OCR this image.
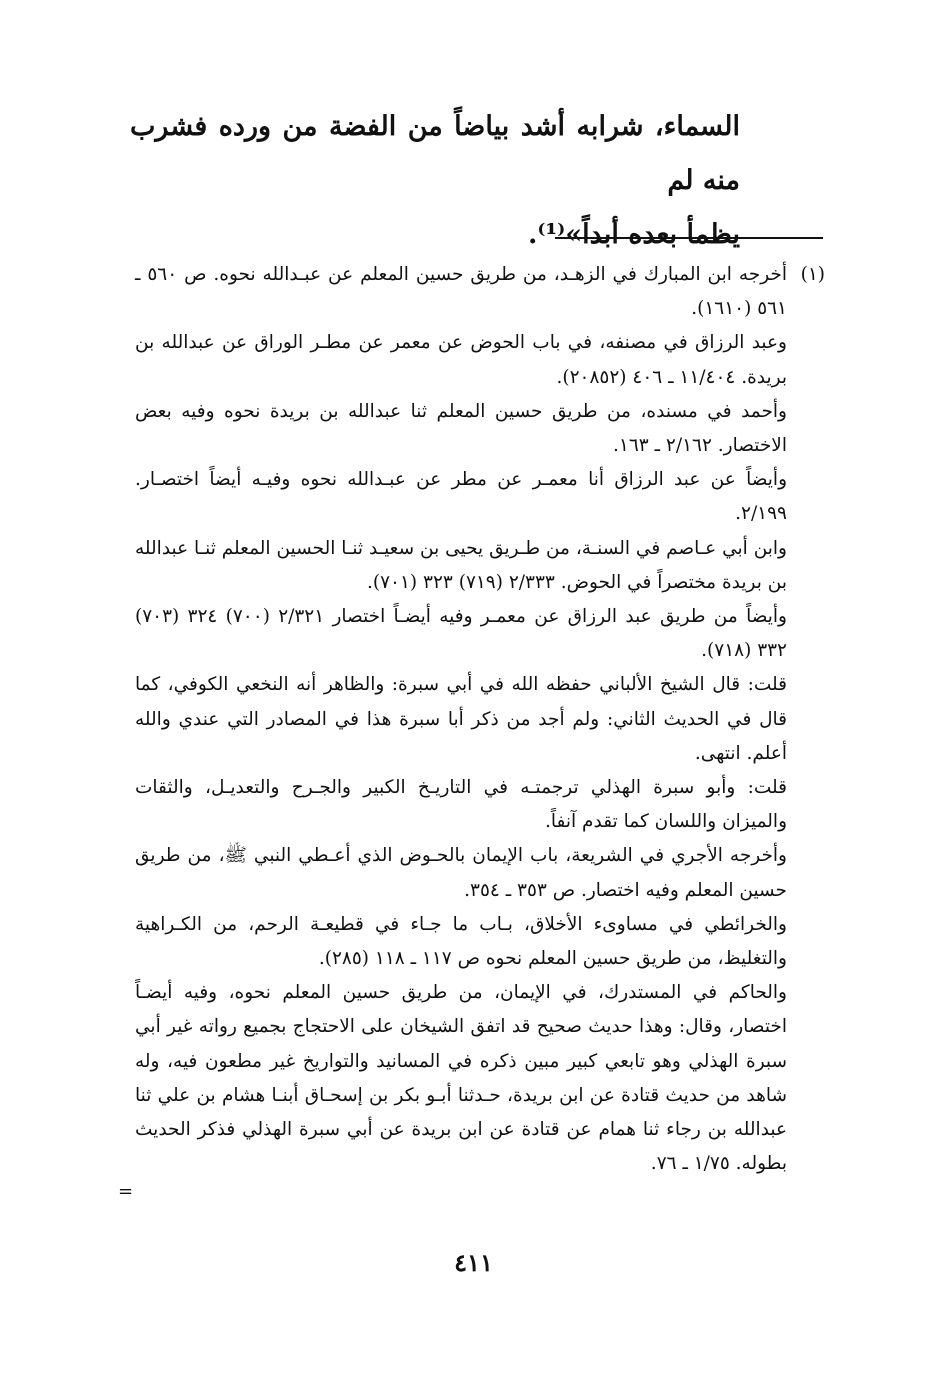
السماء، شرابه أشد بياضاً من الفضة من ورده فشرب منه لم

يظمأ بعده أبداً»⁽¹⁾.

(١)

أخرجه ابن المبارك في الزهـد، من طريق حسين المعلم عن عبـدالله نحوه. ص ٥٦٠ ـ ٥٦١ (١٦١٠).

وعبد الرزاق في مصنفه، في باب الحوض عن معمر عن مطـر الوراق عن عبدالله بن بريدة. ١١/٤٠٤ ـ ٤٠٦ (٢٠٨٥٢).

وأحمد في مسنده، من طريق حسين المعلم ثنا عبدالله بن بريدة نحوه وفيه بعض الاختصار. ٢/١٦٢ ـ ١٦٣.

وأيضاً عن عبد الرزاق أنا معمـر عن مطر عن عبـدالله نحوه وفيـه أيضاً اختصـار. ٢/١٩٩.

وابن أبي عـاصم في السنـة، من طـريق يحيى بن سعيـد ثنـا الحسين المعلم ثنـا عبدالله بن بريدة مختصراً في الحوض. ٢/٣٣٣ (٧١٩) ٣٢٣ (٧٠١).

وأيضاً من طريق عبد الرزاق عن معمـر وفيه أيضـاً اختصار ٢/٣٢١ (٧٠٠) ٣٢٤ (٧٠٣) ٣٣٢ (٧١٨).

قلت: قال الشيخ الألباني حفظه الله في أبي سبرة: والظاهر أنه النخعي الكوفي، كما قال في الحديث الثاني: ولم أجد من ذكر أبا سبرة هذا في المصادر التي عندي والله أعلم. انتهى.

قلت: وأبو سبرة الهذلي ترجمتـه في التاريـخ الكبير والجـرح والتعديـل، والثقات والميزان واللسان كما تقدم آنفاً.

وأخرجه الأجري في الشريعة، باب الإيمان بالحـوض الذي أعـطي النبي ﷺ، من طريق حسين المعلم وفيه اختصار. ص ٣٥٣ ـ ٣٥٤.

والخرائطي في مساوىء الأخلاق، بـاب ما جـاء في قطيعـة الرحم، من الكـراهية والتغليظ، من طريق حسين المعلم نحوه ص ١١٧ ـ ١١٨ (٢٨٥).

والحاكم في المستدرك، في الإيمان، من طريق حسين المعلم نحوه، وفيه أيضـاً اختصار، وقال: وهذا حديث صحيح قد اتفق الشيخان على الاحتجاج بجميع رواته غير أبي سبرة الهذلي وهو تابعي كبير مبين ذكره في المسانيد والتواريخ غير مطعون فيه، وله شاهد من حديث قتادة عن ابن بريدة، حـدثنا أبـو بكر بن إسحـاق أبنـا هشام بن علي ثنا عبدالله بن رجاء ثنا همام عن قتادة عن ابن بريدة عن أبي سبرة الهذلي فذكر الحديث بطوله. ١/٧٥ ـ ٧٦.

=
٤١١
